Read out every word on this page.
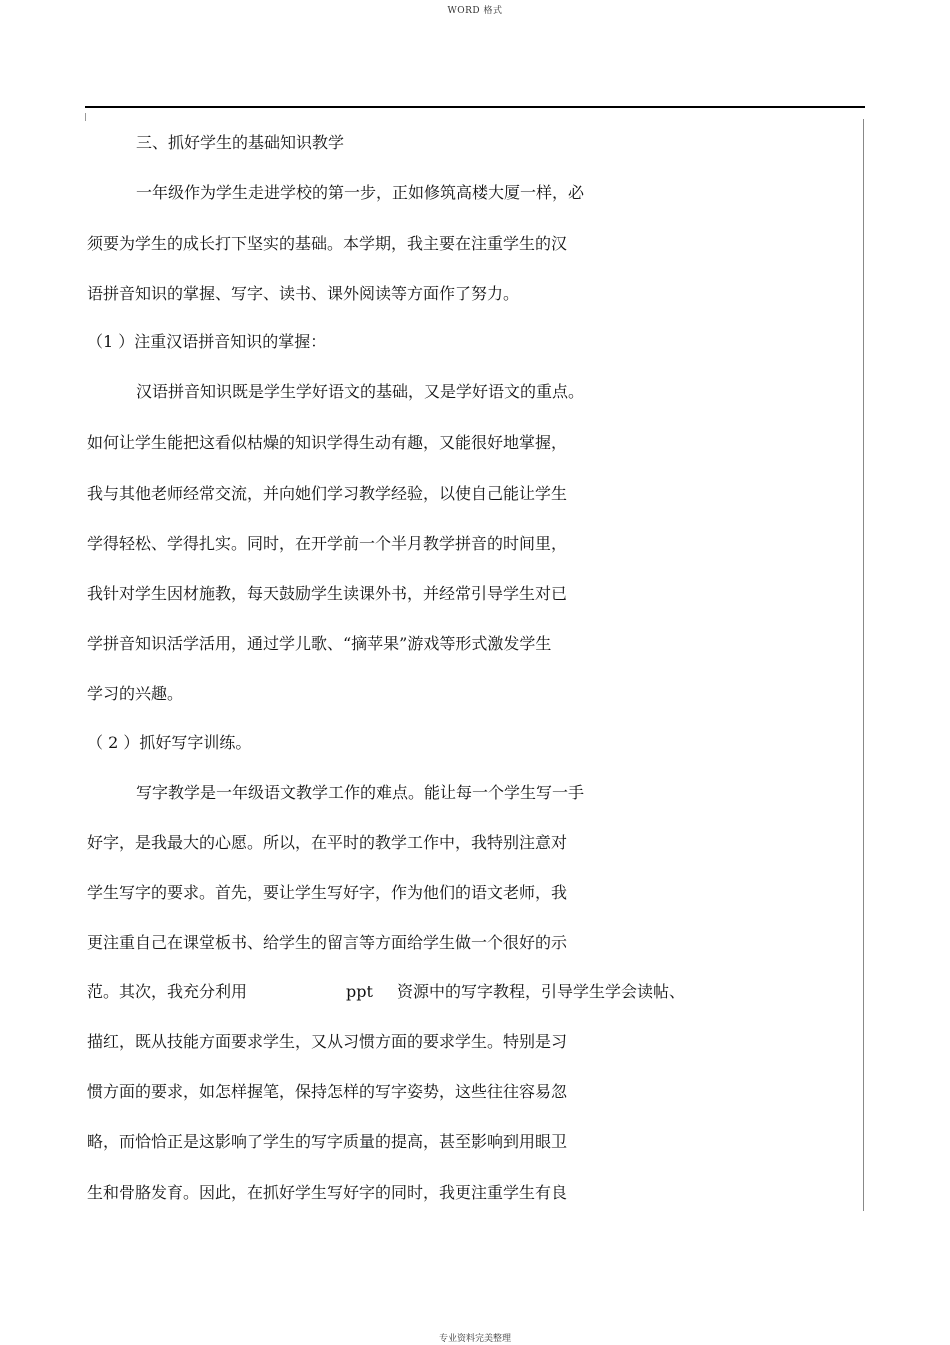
WORD 格式
三、抓好学生的基础知识教学
一年级作为学生走进学校的第一步，正如修筑高楼大厦一样，必
须要为学生的成长打下坚实的基础。本学期，我主要在注重学生的汉
语拼音知识的掌握、写字、读书、课外阅读等方面作了努力。
（1 ）注重汉语拼音知识的掌握：
汉语拼音知识既是学生学好语文的基础，又是学好语文的重点。
如何让学生能把这看似枯燥的知识学得生动有趣，又能很好地掌握，
我与其他老师经常交流，并向她们学习教学经验，以使自己能让学生
学得轻松、学得扎实。同时，在开学前一个半月教学拼音的时间里，
我针对学生因材施教，每天鼓励学生读课外书，并经常引导学生对已
学拼音知识活学活用，通过学儿歌、“摘苹果”游戏等形式激发学生
学习的兴趣。
（ 2 ）抓好写字训练。
写字教学是一年级语文教学工作的难点。能让每一个学生写一手
好字，是我最大的心愿。所以，在平时的教学工作中，我特别注意对
学生写字的要求。首先，要让学生写好字，作为他们的语文老师，我
更注重自己在课堂板书、给学生的留言等方面给学生做一个很好的示
范。其次，我充分利用	ppt 资源中的写字教程，引导学生学会读帖、
描红，既从技能方面要求学生，又从习惯方面的要求学生。特别是习
惯方面的要求，如怎样握笔，保持怎样的写字姿势，这些往往容易忽
略，而恰恰正是这影响了学生的写字质量的提高，甚至影响到用眼卫
生和骨胳发育。因此，在抓好学生写好字的同时，我更注重学生有良
专业资料完美整理
